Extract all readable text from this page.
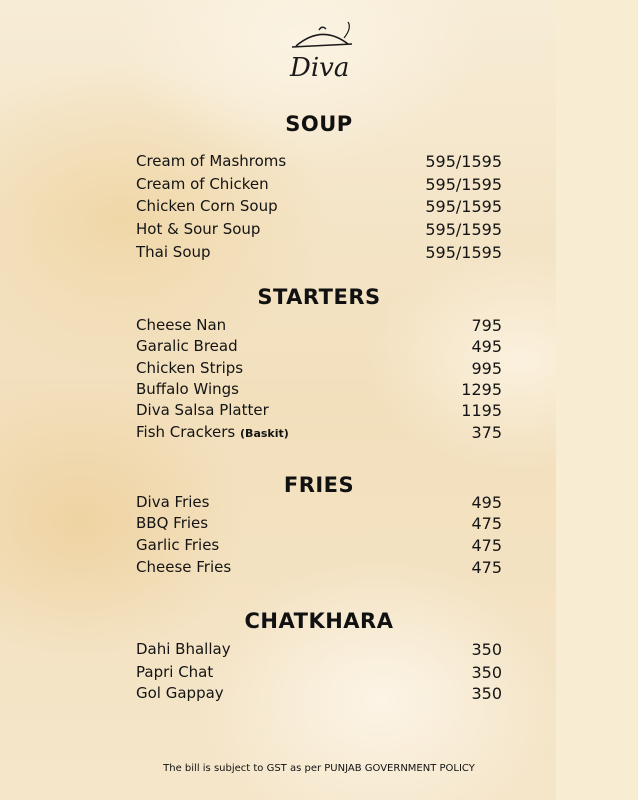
Diva
SOUP
Cream of Mashroms	595/1595
Cream of Chicken	595/1595
Chicken Corn Soup	595/1595
Hot & Sour Soup	595/1595
Thai Soup	595/1595
STARTERS
Cheese Nan	795
Garalic Bread	495
Chicken Strips	995
Buffalo Wings	1295
Diva Salsa Platter	1195
Fish Crackers (Baskit)	375
FRIES
Diva Fries	495
BBQ Fries	475
Garlic Fries	475
Cheese Fries	475
CHATKHARA
Dahi Bhallay	350
Papri Chat	350
Gol Gappay	350
The bill is subject to GST as per PUNJAB GOVERNMENT POLICY
